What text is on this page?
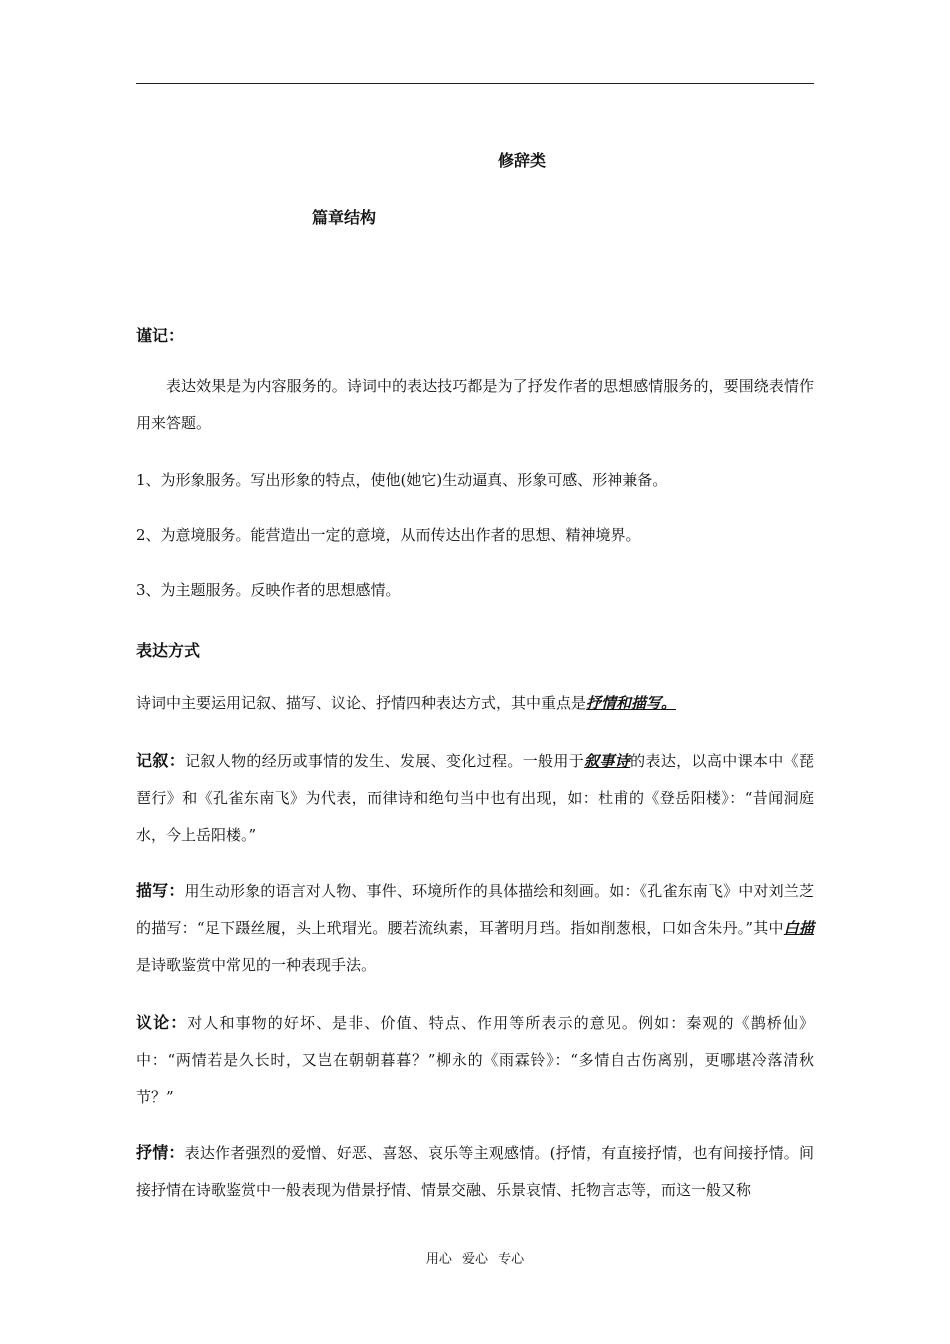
修辞类
篇章结构
谨记：
表达效果是为内容服务的。诗词中的表达技巧都是为了抒发作者的思想感情服务的，要围绕表情作用来答题。
1、为形象服务。写出形象的特点，使他(她它)生动逼真、形象可感、形神兼备。
2、为意境服务。能营造出一定的意境，从而传达出作者的思想、精神境界。
3、为主题服务。反映作者的思想感情。
表达方式
诗词中主要运用记叙、描写、议论、抒情四种表达方式，其中重点是抒情和描写。
记叙：记叙人物的经历或事情的发生、发展、变化过程。一般用于叙事诗的表达，以高中课本中《琵琶行》和《孔雀东南飞》为代表，而律诗和绝句当中也有出现，如：杜甫的《登岳阳楼》：“昔闻洞庭水，今上岳阳楼。”
描写：用生动形象的语言对人物、事件、环境所作的具体描绘和刻画。如：《孔雀东南飞》中对刘兰芝的描写：“足下蹑丝履，头上玳瑁光。腰若流纨素，耳著明月珰。指如削葱根，口如含朱丹。”其中白描是诗歌鉴赏中常见的一种表现手法。
议论：对人和事物的好坏、是非、价值、特点、作用等所表示的意见。例如：秦观的《鹊桥仙》中：“两情若是久长时，又岂在朝朝暮暮？”柳永的《雨霖铃》：“多情自古伤离别，更哪堪冷落清秋节？”
抒情：表达作者强烈的爱憎、好恶、喜怒、哀乐等主观感情。(抒情，有直接抒情，也有间接抒情。间接抒情在诗歌鉴赏中一般表现为借景抒情、情景交融、乐景哀情、托物言志等，而这一般又称
用心 爱心 专心
